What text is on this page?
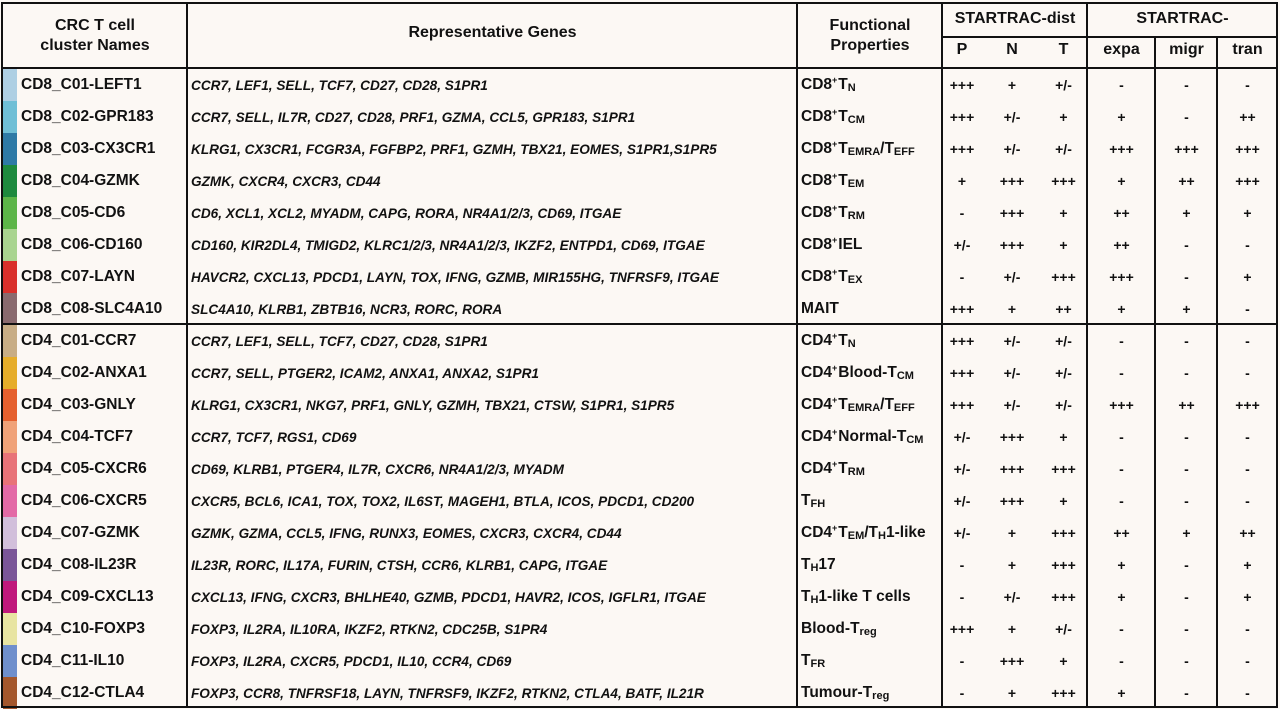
CRC T cell
cluster Names
Representative Genes	Functional
Properties
STARTRAC-dist	STARTRAC-
P	N	T	expa	migr	tran
CD8_C01-LEFT1	CCR7, LEF1, SELL, TCF7, CD27, CD28, S1PR1	CD8+ $T_N$	+++	+	+/-	-	-	-
CD8_C02-GPR183	CCR7, SELL, IL7R, CD27, CD28, PRF1, GZMA, CCL5, GPR183, S1PR1	CD8+ $T_{CM}$	+++	+/-	+	+	-	++
CD8_C03-CX3CR1	KLRG1, CX3CR1, FCGR3A, FGFBP2, PRF1, GZMH, TBX21, EOMES, S1PR1,S1PR5	CD8+ $T_{EMRA}$ $/T_{EFF}$	+++	+/-	+/-	+++	+++	+++
CD8_C04-GZMK	GZMK, CXCR4, CXCR3, CD44	CD8+ $T_{EM}$	+	+++	+++	+	++	+++
CD8_C05-CD6	CD6, XCL1, XCL2, MYADM, CAPG, RORA, NR4A1/2/3, CD69, ITGAE	CD8+ $T_{RM}$	-	+++	+	++	+	+
CD8_C06-CD160	CD160, KIR2DL4, TMIGD2, KLRC1/2/3, NR4A1/2/3, IKZF2, ENTPD1, CD69, ITGAE	CD8+ IEL	+/-	+++	+	++	-	-
CD8_C07-LAYN	HAVCR2, CXCL13, PDCD1, LAYN, TOX, IFNG, GZMB, MIR155HG, TNFRSF9, ITGAE	CD8+ $T_{EX}$	-	+/-	+++	+++	-	+
CD8_C08-SLC4A10	SLC4A10, KLRB1, ZBTB16, NCR3, RORC, RORA	MAIT	+++	+	++	+	+	-
CD4_C01-CCR7	CCR7, LEF1, SELL, TCF7, CD27, CD28, S1PR1	CD4+ $T_N$	+++	+/-	+/-	-	-	-
CD4_C02-ANXA1	CCR7, SELL, PTGER2, ICAM2, ANXA1, ANXA2, S1PR1	CD4+ Blood-$T_{CM}$	+++	+/-	+/-	-	-	-
CD4_C03-GNLY	KLRG1, CX3CR1, NKG7, PRF1, GNLY, GZMH, TBX21, CTSW, S1PR1, S1PR5	CD4+ $T_{EMRA}$ $/T_{EFF}$	+++	+/-	+/-	+++	++	+++
CD4_C04-TCF7	CCR7, TCF7, RGS1, CD69	CD4+ Normal-$T_{CM}$	+/-	+++	+	-	-	-
CD4_C05-CXCR6	CD69, KLRB1, PTGER4, IL7R, CXCR6, NR4A1/2/3, MYADM	CD4+ $T_{RM}$	+/-	+++	+++	-	-	-
CD4_C06-CXCR5	CXCR5, BCL6, ICA1, TOX, TOX2, IL6ST, MAGEH1, BTLA, ICOS, PDCD1, CD200	$T_{FH}$	+/-	+++	+	-	-	-
CD4_C07-GZMK	GZMK, GZMA, CCL5, IFNG, RUNX3, EOMES, CXCR3, CXCR4, CD44	CD4+ $T_{EM}$ $/T_H$ 1-like	+/-	+	+++	++	+	++
CD4_C08-IL23R	IL23R, RORC, IL17A, FURIN, CTSH, CCR6, KLRB1, CAPG, ITGAE	$T_H$ 17	-	+	+++	+	-	+
CD4_C09-CXCL13	CXCL13, IFNG, CXCR3, BHLHE40, GZMB, PDCD1, HAVR2, ICOS, IGFLR1, ITGAE	$T_H$ 1-like T cells	-	+/-	+++	+	-	+
CD4_C10-FOXP3	FOXP3, IL2RA, IL10RA, IKZF2, RTKN2, CDC25B, S1PR4	Blood-$T_{reg}$	+++	+	+/-	-	-	-
CD4_C11-IL10	FOXP3, IL2RA, CXCR5, PDCD1, IL10, CCR4, CD69	$T_{FR}$	-	+++	+	-	-	-
CD4_C12-CTLA4	FOXP3, CCR8, TNFRSF18, LAYN, TNFRSF9, IKZF2, RTKN2, CTLA4, BATF, IL21R	Tumour-$T_{reg}$	-	+	+++	+	-	-
